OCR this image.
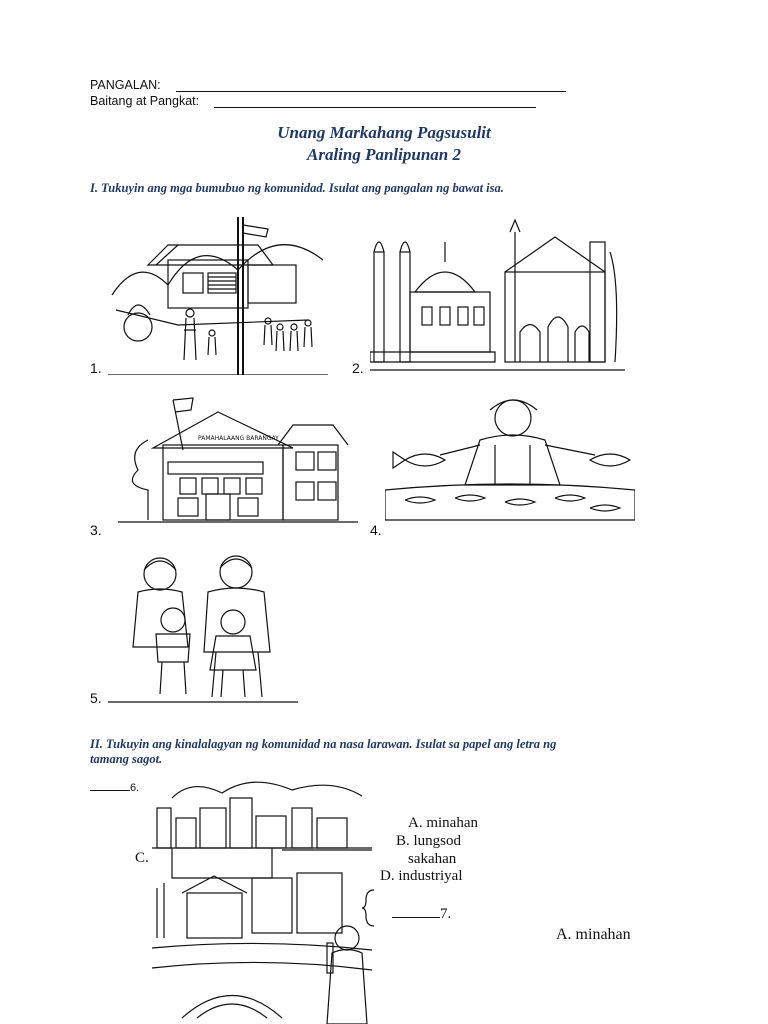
PANGALAN:
Baitang at Pangkat:
Unang Markahang Pagsusulit
Araling Panlipunan 2
I. Tukuyin ang mga bumubuo ng komunidad. Isulat ang pangalan ng bawat isa.
1.	2.
PAMAHALAANG BARANGAY
3.	4.
5.
II. Tukuyin ang kinalalagyan ng komunidad na nasa larawan. Isulat sa papel ang letra ng
tamang sagot.
6.
C.
A. minahan
B. lungsod
sakahan
D. industriyal
7.
A. minahan
